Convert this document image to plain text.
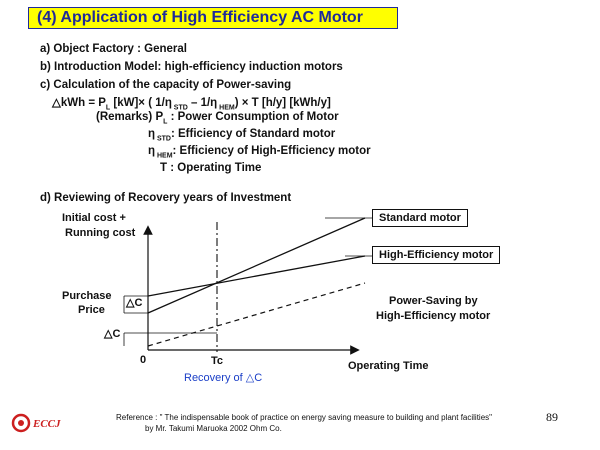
(4) Application of High Efficiency AC Motor
a) Object Factory : General
b) Introduction Model: high-efficiency induction motors
c) Calculation of the capacity of Power-saving
△kWh = $P_L$ [kW]× ( 1/η $_{STD}$ – 1/η $_{HEM}$) × T [h/y] [kWh/y]
(Remarks) $P_L$ : Power Consumption of Motor
η $_{STD}$: Efficiency of Standard motor
η $_{HEM}$: Efficiency of High-Efficiency motor
T : Operating Time
d) Reviewing of Recovery years of Investment
Initial cost +
Running cost
Purchase
Price
△C
△C
0	Tc
Recovery of △C
Operating Time
Standard motor
High-Efficiency motor
Power-Saving by
High-Efficiency motor
ECCJ
Reference : " The indispensable book of practice on energy saving measure to building and plant facilities"
by Mr. Takumi Maruoka 2002 Ohm Co.
89
